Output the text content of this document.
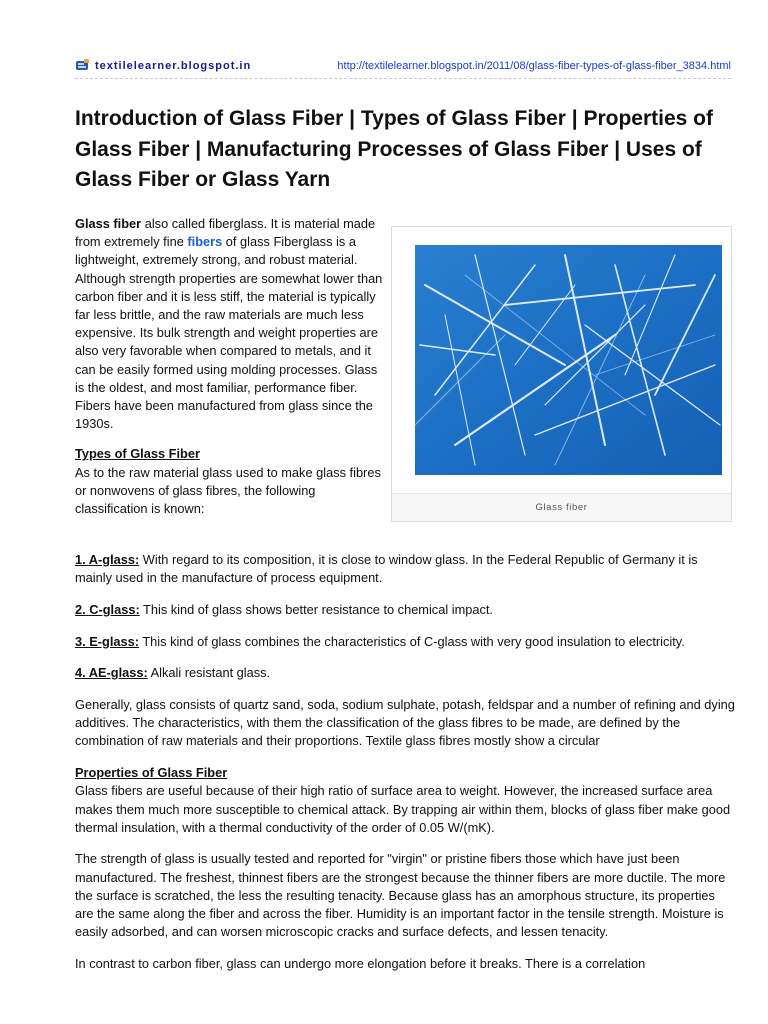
textilelearner.blogspot.in	http://textilelearner.blogspot.in/2011/08/glass-fiber-types-of-glass-fiber_3834.html
Introduction of Glass Fiber | Types of Glass Fiber | Properties of Glass Fiber | Manufacturing Processes of Glass Fiber | Uses of Glass Fiber or Glass Yarn

Glass fiber also called fiberglass. It is material made from extremely fine fibers of glass Fiberglass is a lightweight, extremely strong, and robust material. Although strength properties are somewhat lower than carbon fiber and it is less stiff, the material is typically far less brittle, and the raw materials are much less expensive. Its bulk strength and weight properties are also very favorable when compared to metals, and it can be easily formed using molding processes. Glass is the oldest, and most familiar, performance fiber. Fibers have been manufactured from glass since the 1930s.

Types of Glass Fiber
As to the raw material glass used to make glass fibres or nonwovens of glass fibres, the following classification is known:	Glass fiber

1. A-glass: With regard to its composition, it is close to window glass. In the Federal Republic of Germany it is mainly used in the manufacture of process equipment.

2. C-glass: This kind of glass shows better resistance to chemical impact.

3. E-glass: This kind of glass combines the characteristics of C-glass with very good insulation to electricity.

4. AE-glass: Alkali resistant glass.

Generally, glass consists of quartz sand, soda, sodium sulphate, potash, feldspar and a number of refining and dying additives. The characteristics, with them the classification of the glass fibres to be made, are defined by the combination of raw materials and their proportions. Textile glass fibres mostly show a circular

Properties of Glass Fiber
Glass fibers are useful because of their high ratio of surface area to weight. However, the increased surface area makes them much more susceptible to chemical attack. By trapping air within them, blocks of glass fiber make good thermal insulation, with a thermal conductivity of the order of 0.05 W/(mK).

The strength of glass is usually tested and reported for "virgin" or pristine fibers those which have just been manufactured. The freshest, thinnest fibers are the strongest because the thinner fibers are more ductile. The more the surface is scratched, the less the resulting tenacity. Because glass has an amorphous structure, its properties are the same along the fiber and across the fiber. Humidity is an important factor in the tensile strength. Moisture is easily adsorbed, and can worsen microscopic cracks and surface defects, and lessen tenacity.

In contrast to carbon fiber, glass can undergo more elongation before it breaks. There is a correlation
